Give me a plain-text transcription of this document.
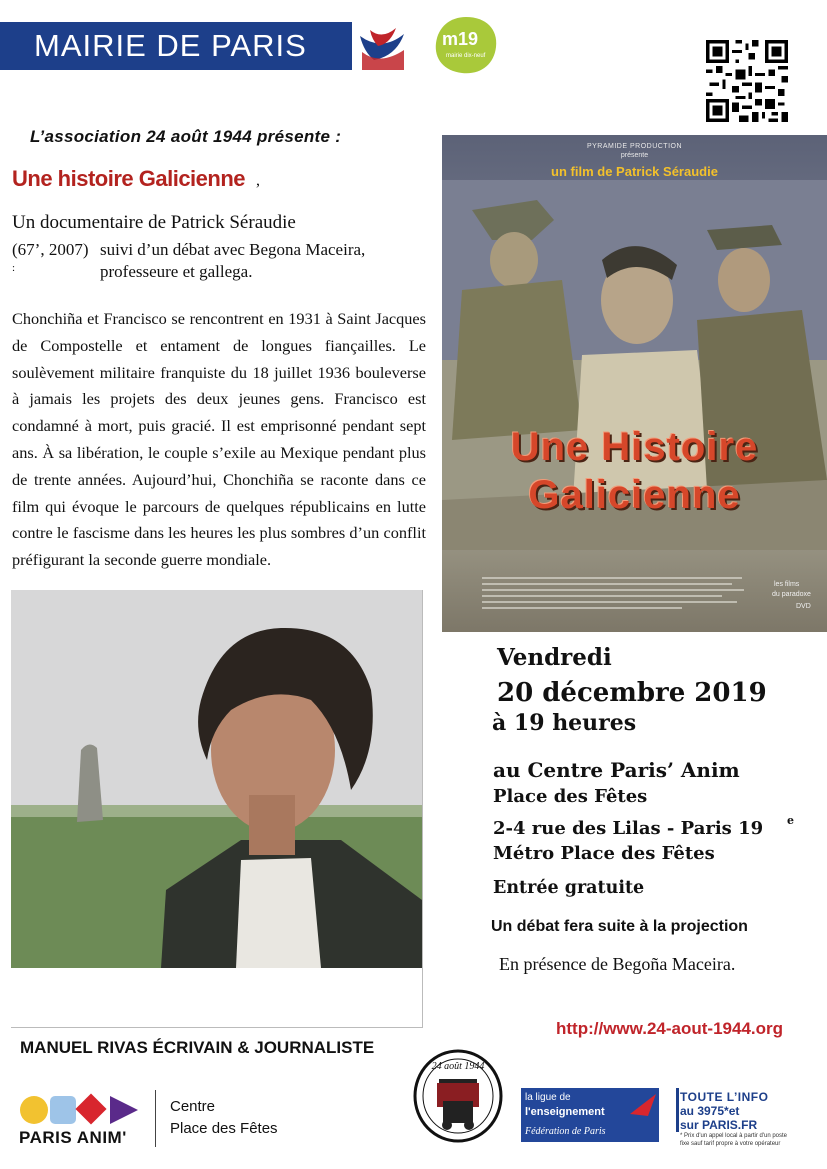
MAIRIE DE PARIS	m19
mairie dix-neuf
L’association 24 août 1944 présente :
Une histoire Galicienne ,
Un documentaire de Patrick Séraudie
(67’, 2007)
:
suivi d’un débat avec Begona Maceira,
professeure et gallega.
Chonchiña et Francisco se rencontrent en 1931 à Saint Jacques de Compostelle et entament de longues fiançailles. Le soulèvement militaire franquiste du 18 juillet 1936 bouleverse à jamais les projets des deux jeunes gens. Francisco est condamné à mort, puis gracié. Il est emprisonné pendant sept ans. À sa libération, le couple s’exile au Mexique pendant plus de trente années. Aujourd’hui, Chonchiña se raconte dans ce film qui évoque le parcours de quelques républicains en lutte contre le fascisme dans les heures les plus sombres d’un conflit préfigurant la seconde guerre mondiale.
PYRAMIDE PRODUCTION
présente
un film de Patrick Séraudie
Une Histoire
Galicienne
les films
du paradoxe
DVD
Vendredi
20 décembre 2019
à 19 heures
au Centre Paris’ Anim
Place des Fêtes
2-4 rue des Lilas - Paris 19 e
Métro Place des Fêtes
Entrée gratuite
Un débat fera suite à la projection
En présence de Begoña Maceira.
MANUEL RIVAS ÉCRIVAIN & JOURNALISTE
http://www.24-aout-1944.org
PARIS ANIM'
Centre
Place des Fêtes
24 août 1944
la ligue de
l'enseignement
Fédération de Paris
TOUTE L’INFO
au 3975*et
sur PARIS.FR
* Prix d'un appel local à partir d'un poste
fixe sauf tarif propre à votre opérateur
